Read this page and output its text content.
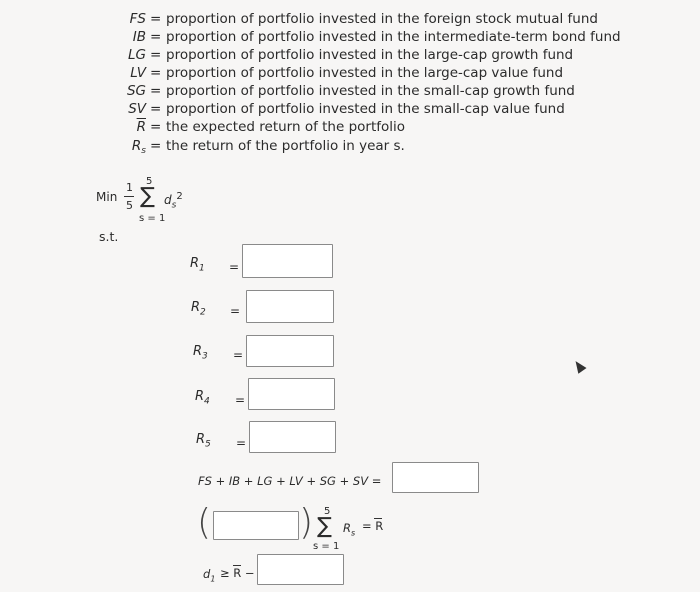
FS = proportion of portfolio invested in the foreign stock mutual fund
IB = proportion of portfolio invested in the intermediate-term bond fund
LG = proportion of portfolio invested in the large-cap growth fund
LV = proportion of portfolio invested in the large-cap value fund
SG = proportion of portfolio invested in the small-cap growth fund
SV = proportion of portfolio invested in the small-cap value fund
$\overline{R}$ = the expected return of the portfolio
$R_s$ = the return of the portfolio in year s.
Min
1
5
5
∑
s = 1
$d_s^2$
s.t.
$R_1$ =
$R_2$ =
$R_3$ =
$R_4$ =
$R_5$ =
FS + IB + LG + LV + SG + SV =
( ) 5
∑
s = 1
$R_s = R$
$d_1 \ge R$ −
